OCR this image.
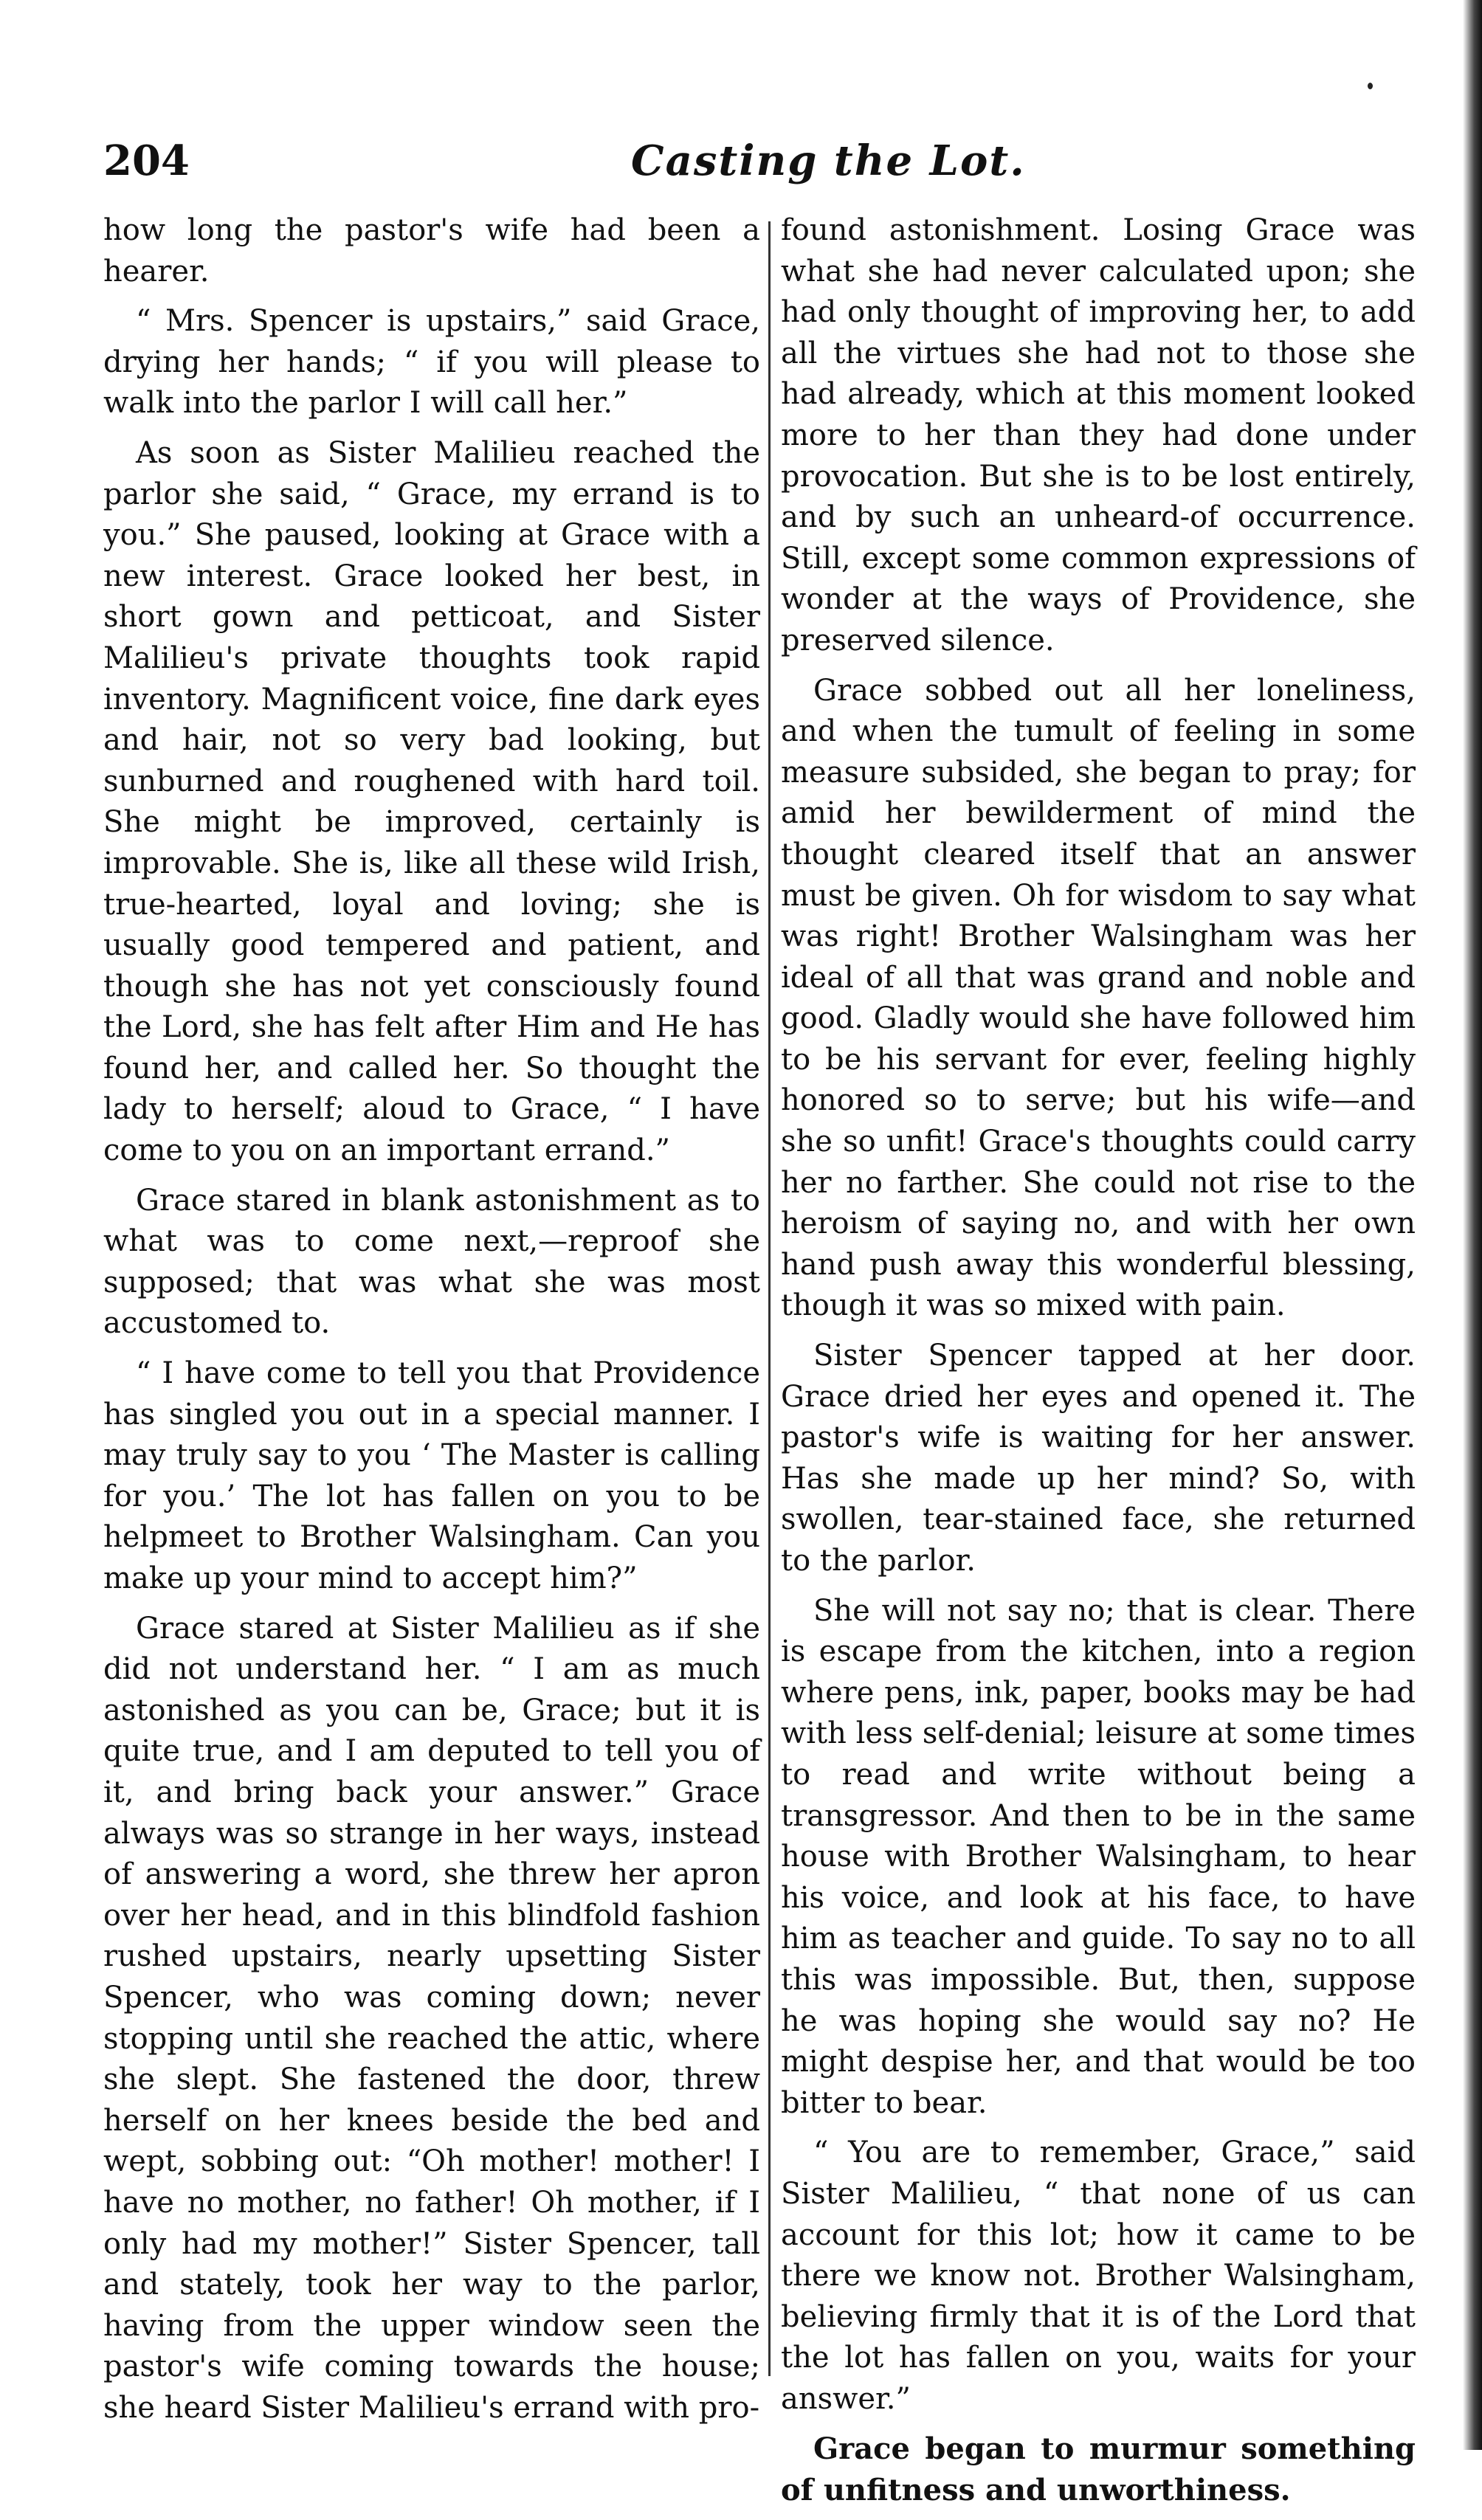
204	Casting the Lot.

how long the pastor's wife had been a hearer.

“ Mrs. Spencer is upstairs,” said Grace, drying her hands; “ if you will please to walk into the parlor I will call her.”

As soon as Sister Malilieu reached the parlor she said, “ Grace, my errand is to you.” She paused, looking at Grace with a new interest. Grace looked her best, in short gown and petticoat, and Sister Malilieu's private thoughts took rapid inventory. Magnificent voice, fine dark eyes and hair, not so very bad looking, but sunburned and roughened with hard toil. She might be improved, certainly is improvable. She is, like all these wild Irish, true-hearted, loyal and loving; she is usually good tempered and patient, and though she has not yet consciously found the Lord, she has felt after Him and He has found her, and called her. So thought the lady to herself; aloud to Grace, “ I have come to you on an important errand.”

Grace stared in blank astonishment as to what was to come next,—reproof she supposed; that was what she was most accustomed to.

“ I have come to tell you that Providence has singled you out in a special manner. I may truly say to you ‘ The Master is calling for you.’ The lot has fallen on you to be helpmeet to Brother Walsingham. Can you make up your mind to accept him?”

Grace stared at Sister Malilieu as if she did not understand her. “ I am as much astonished as you can be, Grace; but it is quite true, and I am deputed to tell you of it, and bring back your answer.” Grace always was so strange in her ways, instead of answering a word, she threw her apron over her head, and in this blindfold fashion rushed upstairs, nearly upsetting Sister Spencer, who was coming down; never stopping until she reached the attic, where she slept. She fastened the door, threw herself on her knees beside the bed and wept, sobbing out: “Oh mother! mother! I have no mother, no father! Oh mother, if I only had my mother!” Sister Spencer, tall and stately, took her way to the parlor, having from the upper window seen the pastor's wife coming towards the house; she heard Sister Malilieu's errand with pro-

found astonishment. Losing Grace was what she had never calculated upon; she had only thought of improving her, to add all the virtues she had not to those she had already, which at this moment looked more to her than they had done under provocation. But she is to be lost entirely, and by such an unheard-of occurrence. Still, except some common expressions of wonder at the ways of Providence, she preserved silence.

Grace sobbed out all her loneliness, and when the tumult of feeling in some measure subsided, she began to pray; for amid her bewilderment of mind the thought cleared itself that an answer must be given. Oh for wisdom to say what was right! Brother Walsingham was her ideal of all that was grand and noble and good. Gladly would she have followed him to be his servant for ever, feeling highly honored so to serve; but his wife—and she so unfit! Grace's thoughts could carry her no farther. She could not rise to the heroism of saying no, and with her own hand push away this wonderful blessing, though it was so mixed with pain.

Sister Spencer tapped at her door. Grace dried her eyes and opened it. The pastor's wife is waiting for her answer. Has she made up her mind? So, with swollen, tear-stained face, she returned to the parlor.

She will not say no; that is clear. There is escape from the kitchen, into a region where pens, ink, paper, books may be had with less self-denial; leisure at some times to read and write without being a transgressor. And then to be in the same house with Brother Walsingham, to hear his voice, and look at his face, to have him as teacher and guide. To say no to all this was impossible. But, then, suppose he was hoping she would say no? He might despise her, and that would be too bitter to bear.

“ You are to remember, Grace,” said Sister Malilieu, “ that none of us can account for this lot; how it came to be there we know not. Brother Walsingham, believing firmly that it is of the Lord that the lot has fallen on you, waits for your answer.”

Grace began to murmur something of unfitness and unworthiness.
